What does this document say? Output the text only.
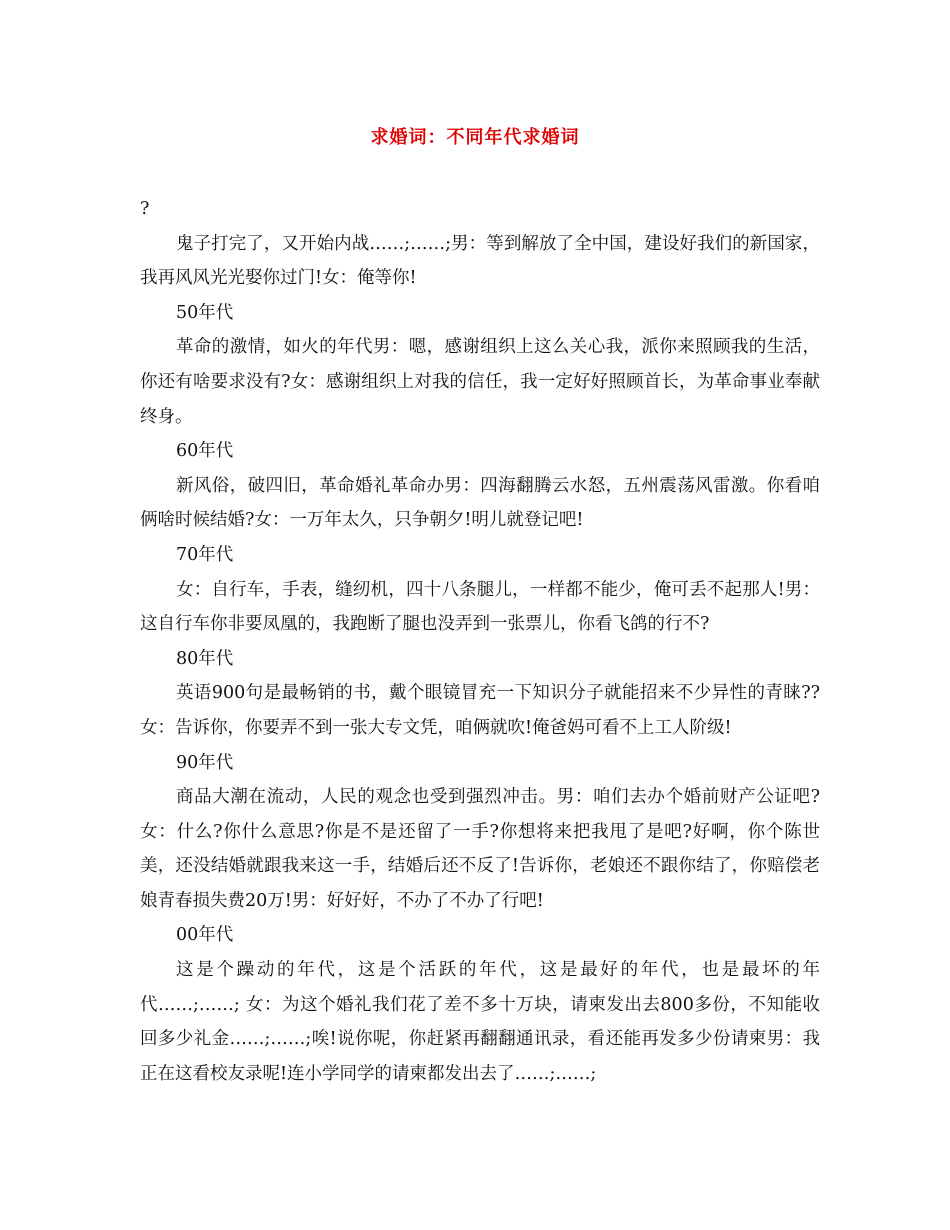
求婚词：不同年代求婚词

?

鬼子打完了，又开始内战……;……;男：等到解放了全中国，建设好我们的新国家，我再风风光光娶你过门!女：俺等你!

50年代

革命的激情，如火的年代男：嗯，感谢组织上这么关心我，派你来照顾我的生活，你还有啥要求没有?女：感谢组织上对我的信任，我一定好好照顾首长，为革命事业奉献终身。

60年代

新风俗，破四旧，革命婚礼革命办男：四海翻腾云水怒，五州震荡风雷激。你看咱俩啥时候结婚?女：一万年太久，只争朝夕!明儿就登记吧!

70年代

女：自行车，手表，缝纫机，四十八条腿儿，一样都不能少，俺可丢不起那人!男：这自行车你非要凤凰的，我跑断了腿也没弄到一张票儿，你看飞鸽的行不?

80年代

英语900句是最畅销的书，戴个眼镜冒充一下知识分子就能招来不少异性的青睐?? 女：告诉你，你要弄不到一张大专文凭，咱俩就吹!俺爸妈可看不上工人阶级!

90年代

商品大潮在流动，人民的观念也受到强烈冲击。男：咱们去办个婚前财产公证吧?女：什么?你什么意思?你是不是还留了一手?你想将来把我甩了是吧?好啊，你个陈世美，还没结婚就跟我来这一手，结婚后还不反了!告诉你，老娘还不跟你结了，你赔偿老娘青春损失费20万!男：好好好，不办了不办了行吧!

00年代

这是个躁动的年代，这是个活跃的年代，这是最好的年代，也是最坏的年代……;……; 女：为这个婚礼我们花了差不多十万块，请柬发出去800多份，不知能收回多少礼金……;……;唉!说你呢，你赶紧再翻翻通讯录，看还能再发多少份请柬男：我正在这看校友录呢!连小学同学的请柬都发出去了……;……;
